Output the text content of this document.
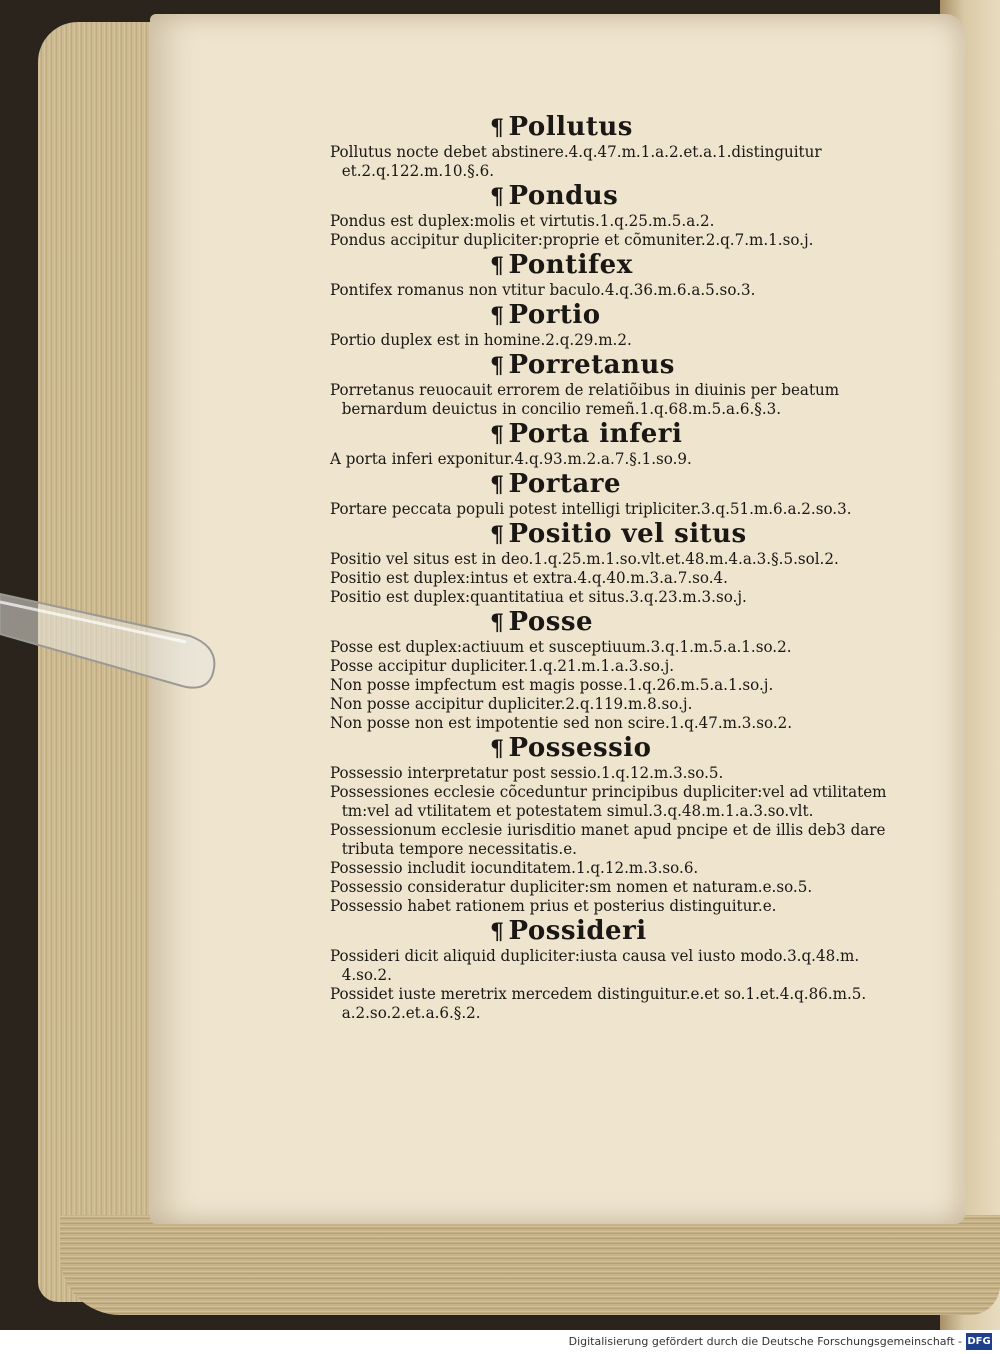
¶ Pollutus
Pollutus nocte debet abstinere.4.q.47.m.1.a.2.et.a.1.distinguitur
et.2.q.122.m.10.§.6.
¶ Pondus
Pondus est duplex:molis et virtutis.1.q.25.m.5.a.2.
Pondus accipitur dupliciter:proprie et cõmuniter.2.q.7.m.1.so.j.
¶ Pontifex
Pontifex romanus non vtitur baculo.4.q.36.m.6.a.5.so.3.
¶ Portio
Portio duplex est in homine.2.q.29.m.2.
¶ Porretanus
Porretanus reuocauit errorem de relatiõibus in diuinis per beatum
bernardum deuictus in concilio remeñ.1.q.68.m.5.a.6.§.3.
¶ Porta inferi
A porta inferi exponitur.4.q.93.m.2.a.7.§.1.so.9.
¶ Portare
Portare peccata populi potest intelligi tripliciter.3.q.51.m.6.a.2.so.3.
¶ Positio vel situs
Positio vel situs est in deo.1.q.25.m.1.so.vlt.et.48.m.4.a.3.§.5.sol.2.
Positio est duplex:intus et extra.4.q.40.m.3.a.7.so.4.
Positio est duplex:quantitatiua et situs.3.q.23.m.3.so.j.
¶ Posse
Posse est duplex:actiuum et susceptiuum.3.q.1.m.5.a.1.so.2.
Posse accipitur dupliciter.1.q.21.m.1.a.3.so.j.
Non posse impfectum est magis posse.1.q.26.m.5.a.1.so.j.
Non posse accipitur dupliciter.2.q.119.m.8.so.j.
Non posse non est impotentie sed non scire.1.q.47.m.3.so.2.
¶ Possessio
Possessio interpretatur post sessio.1.q.12.m.3.so.5.
Possessiones ecclesie cõceduntur principibus dupliciter:vel ad vtilitatem
tm:vel ad vtilitatem et potestatem simul.3.q.48.m.1.a.3.so.vlt.
Possessionum ecclesie iurisditio manet apud pncipe et de illis deb3 dare
tributa tempore necessitatis.e.
Possessio includit iocunditatem.1.q.12.m.3.so.6.
Possessio consideratur dupliciter:sm nomen et naturam.e.so.5.
Possessio habet rationem prius et posterius distinguitur.e.
¶ Possideri
Possideri dicit aliquid dupliciter:iusta causa vel iusto modo.3.q.48.m.
4.so.2.
Possidet iuste meretrix mercedem distinguitur.e.et so.1.et.4.q.86.m.5.
a.2.so.2.et.a.6.§.2.
Digitalisierung gefördert durch die Deutsche Forschungsgemeinschaft - DFG
